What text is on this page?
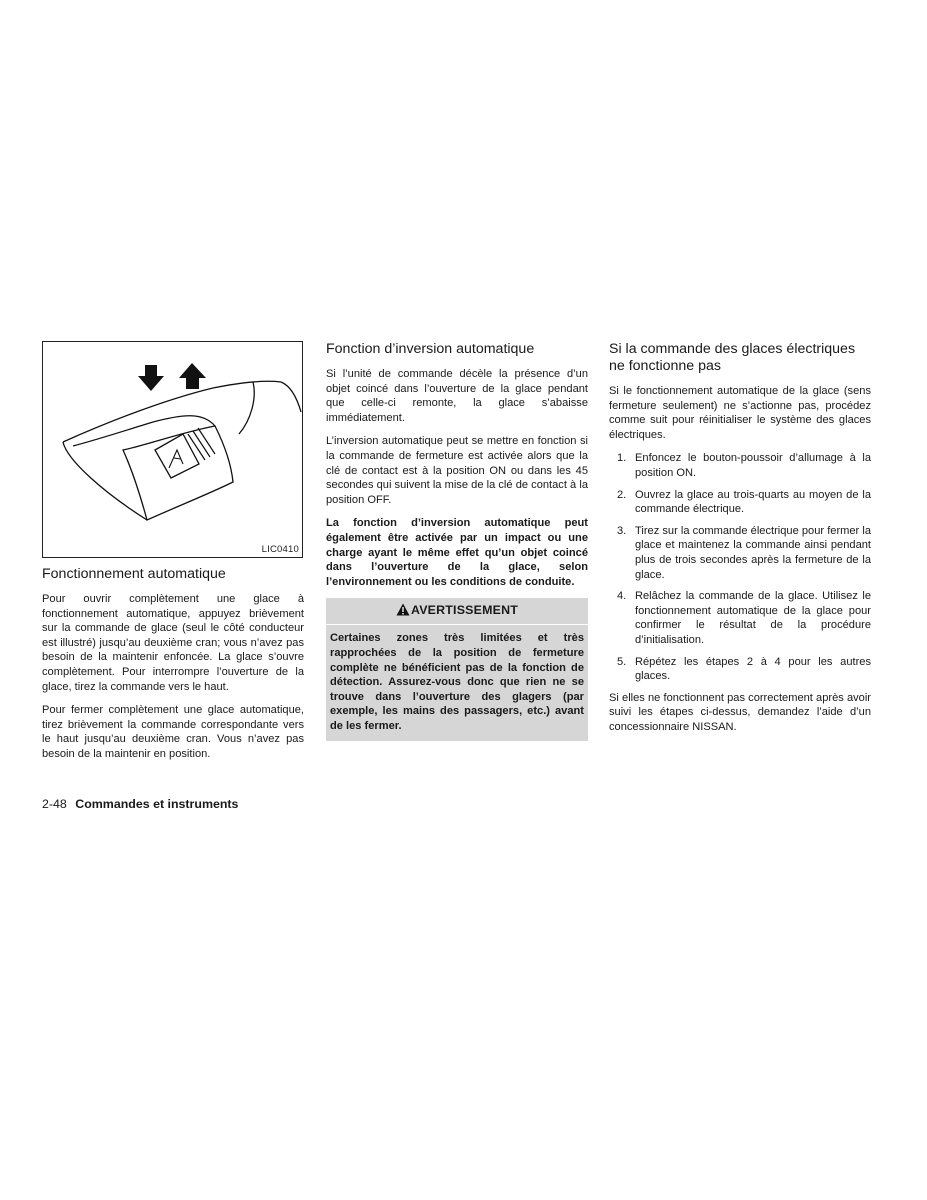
LIC0410
Fonctionnement automatique

Pour ouvrir complètement une glace à fonctionnement automatique, appuyez brièvement sur la commande de glace (seul le côté conducteur est illustré) jusqu’au deuxième cran; vous n’avez pas besoin de la maintenir enfoncée. La glace s’ouvre complètement. Pour interrompre l’ouverture de la glace, tirez la commande vers le haut.

Pour fermer complètement une glace automatique, tirez brièvement la commande correspondante vers le haut jusqu’au deuxième cran. Vous n’avez pas besoin de la maintenir en position.

Fonction d’inversion automatique

Si l’unité de commande décèle la présence d’un objet coincé dans l’ouverture de la glace pendant que celle-ci remonte, la glace s’abaisse immédiatement.

L’inversion automatique peut se mettre en fonction si la commande de fermeture est activée alors que la clé de contact est à la position ON ou dans les 45 secondes qui suivent la mise de la clé de contact à la position OFF.

La fonction d’inversion automatique peut également être activée par un impact ou une charge ayant le même effet qu’un objet coincé dans l’ouverture de la glace, selon l’environnement ou les conditions de conduite.

AVERTISSEMENT
Certaines zones très limitées et très rapprochées de la position de fermeture complète ne bénéficient pas de la fonction de détection. Assurez-vous donc que rien ne se trouve dans l’ouverture des glagers (par exemple, les mains des passagers, etc.) avant de les fermer.
Si la commande des glaces électriques ne fonctionne pas

Si le fonctionnement automatique de la glace (sens fermeture seulement) ne s’actionne pas, procédez comme suit pour réinitialiser le système des glaces électriques.

1. Enfoncez le bouton-poussoir d’allumage à la position ON.
2. Ouvrez la glace au trois-quarts au moyen de la commande électrique.
3. Tirez sur la commande électrique pour fermer la glace et maintenez la commande ainsi pendant plus de trois secondes après la fermeture de la glace.
4. Relâchez la commande de la glace. Utilisez le fonctionnement automatique de la glace pour confirmer le résultat de la procédure d’initialisation.
5. Répétez les étapes 2 à 4 pour les autres glaces.

Si elles ne fonctionnent pas correctement après avoir suivi les étapes ci-dessus, demandez l’aide d’un concessionnaire NISSAN.

2-48 Commandes et instruments
